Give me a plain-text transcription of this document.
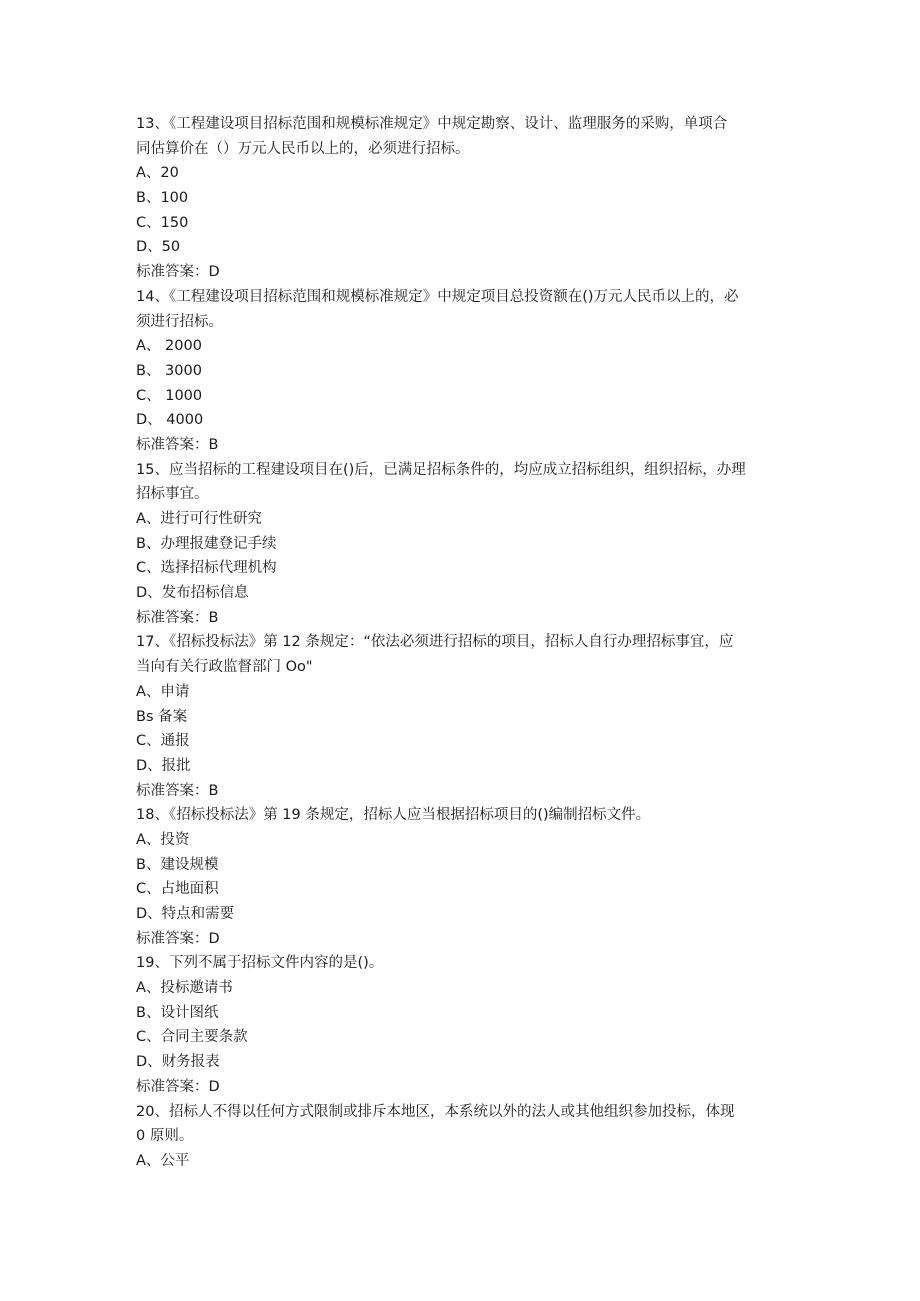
13、《工程建设项目招标范围和规模标准规定》中规定勘察、设计、监理服务的采购，单项合
同估算价在（）万元人民币以上的，必须进行招标。
A、20
B、100
C、150
D、50
标准答案：D
14、《工程建设项目招标范围和规模标准规定》中规定项目总投资额在()万元人民币以上的，必
须进行招标。
A、 2000
B、 3000
C、 1000
D、 4000
标准答案：B
15、应当招标的工程建设项目在()后，已满足招标条件的，均应成立招标组织，组织招标，办理
招标事宜。
A、进行可行性研究
B、办理报建登记手续
C、选择招标代理机构
D、发布招标信息
标准答案：B
17、《招标投标法》第 12 条规定：“依法必须进行招标的项目，招标人自行办理招标事宜，应
当向有关行政监督部门 Oo"
A、申请
Bs 备案
C、通报
D、报批
标准答案：B
18、《招标投标法》第 19 条规定，招标人应当根据招标项目的()编制招标文件。
A、投资
B、建设规模
C、占地面积
D、特点和需要
标准答案：D
19、下列不属于招标文件内容的是()。
A、投标邀请书
B、设计图纸
C、合同主要条款
D、财务报表
标准答案：D
20、招标人不得以任何方式限制或排斥本地区，本系统以外的法人或其他组织参加投标，体现
0 原则。
A、公平
